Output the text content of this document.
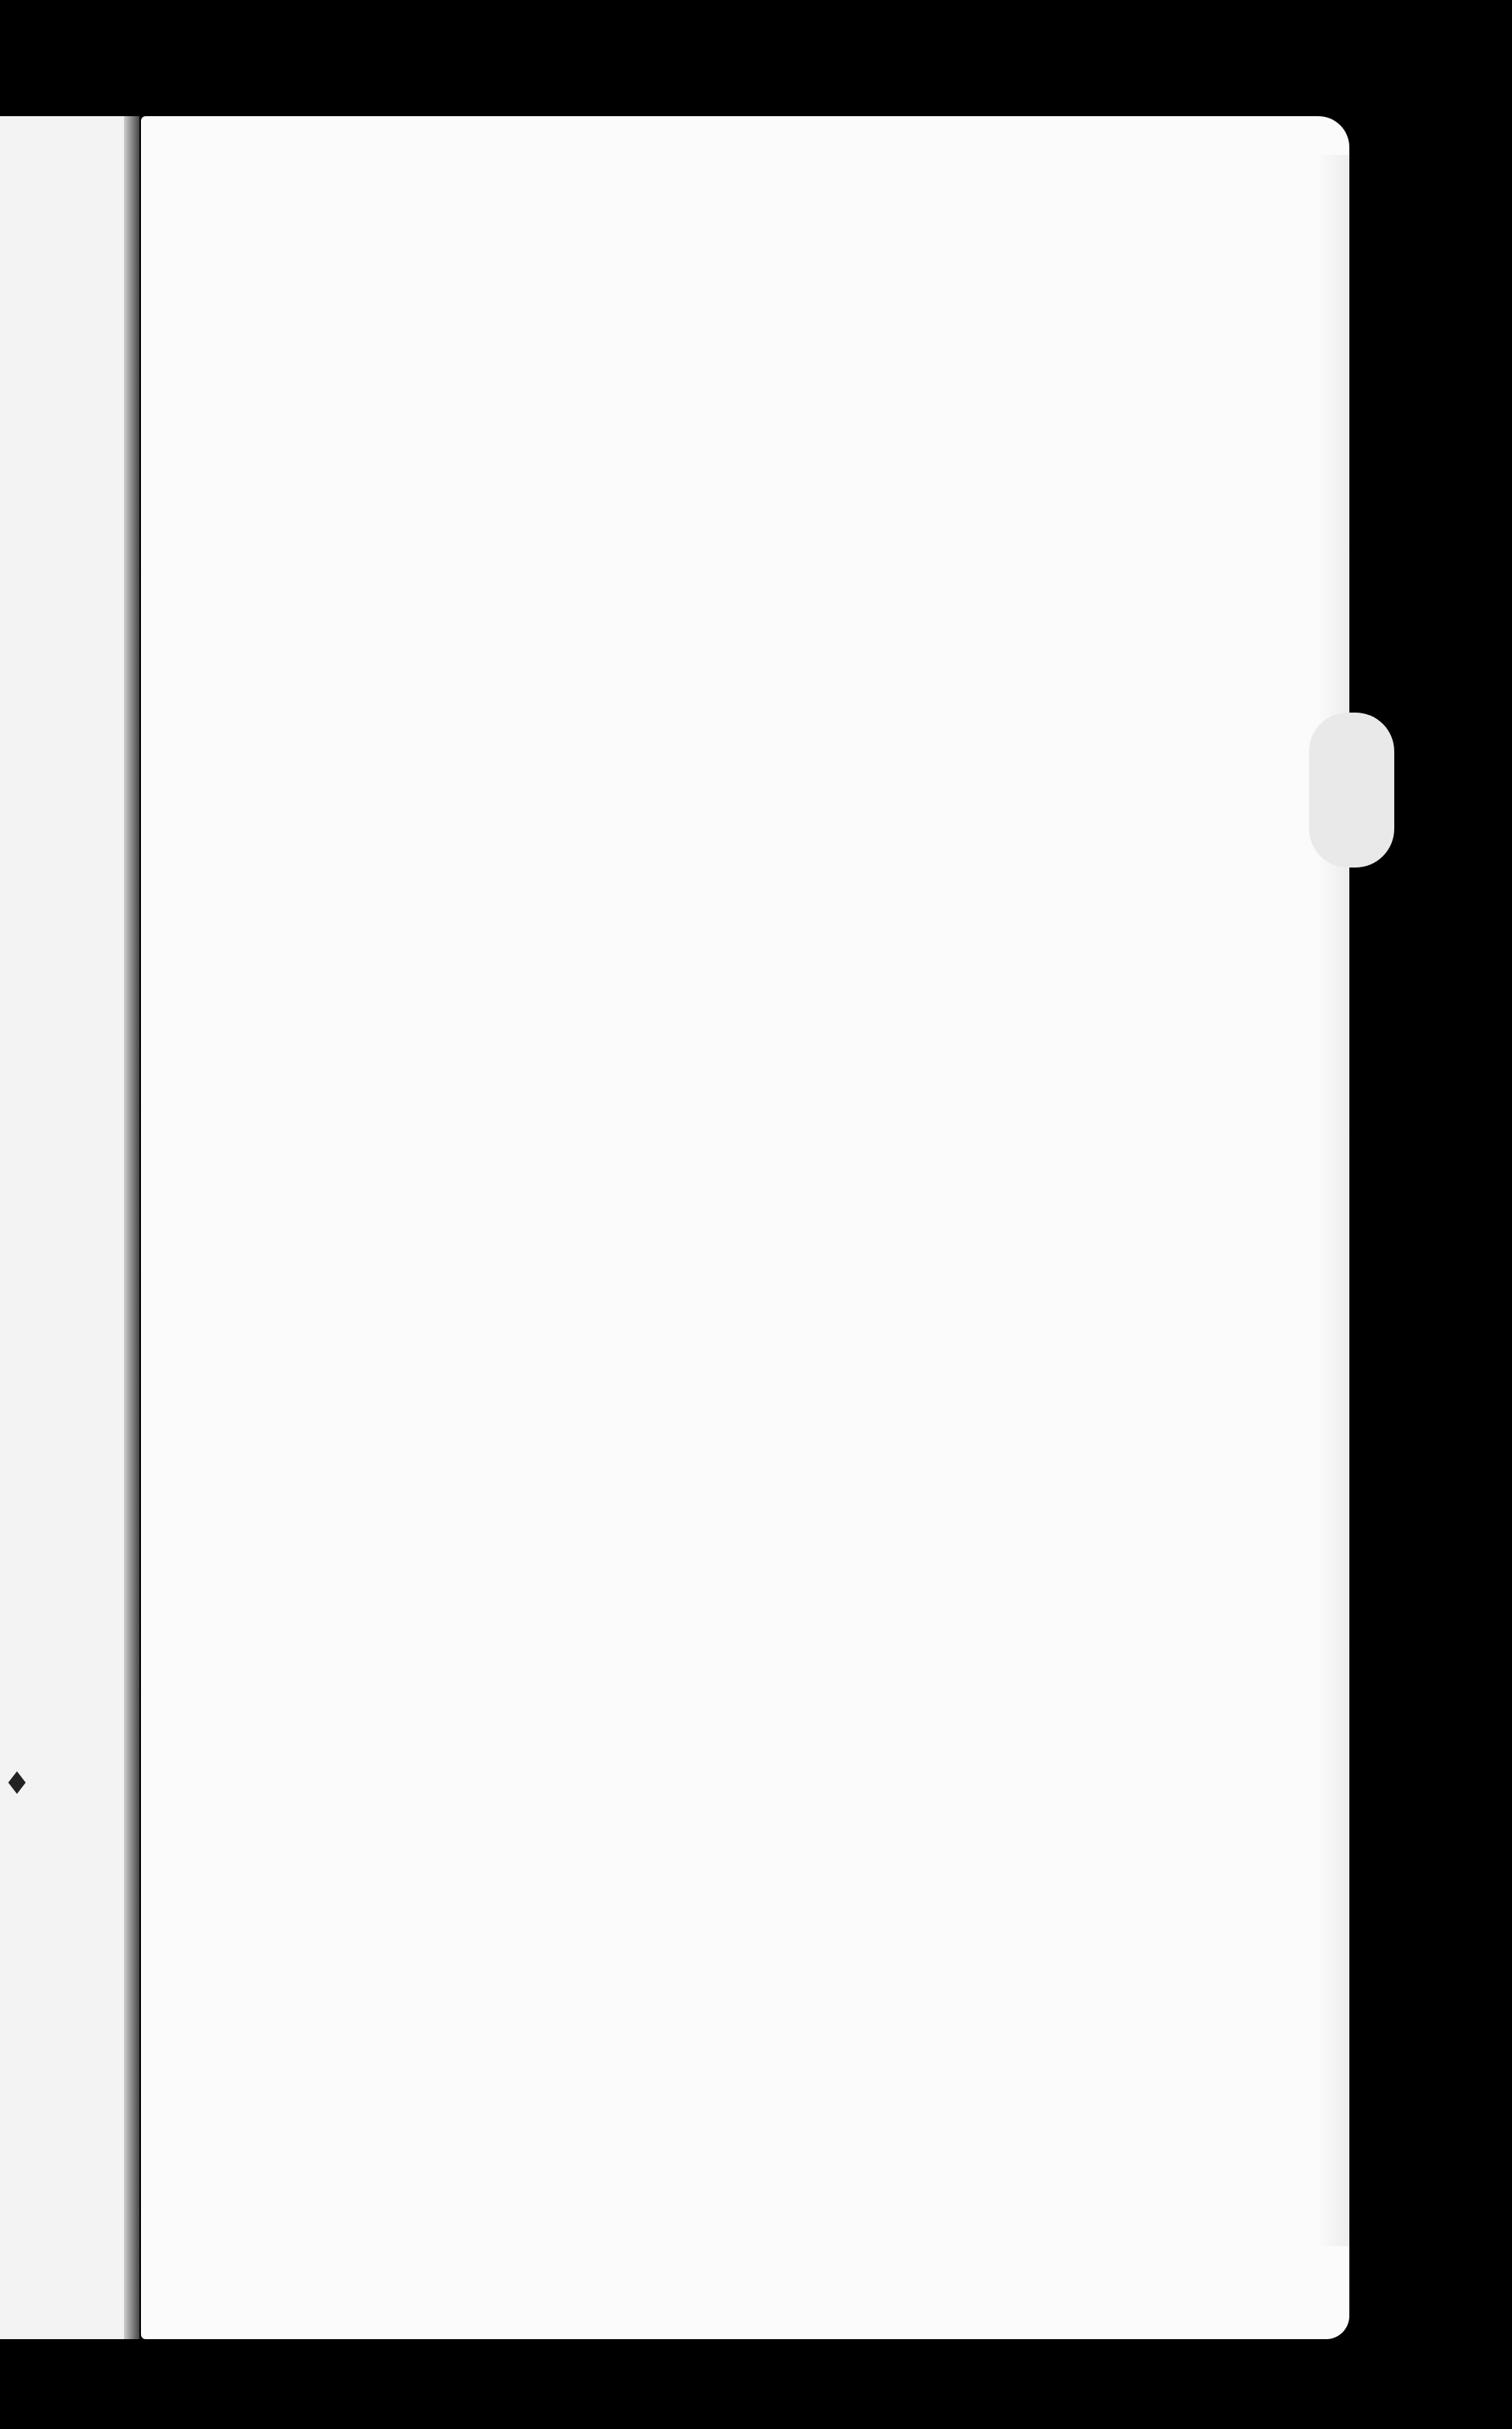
♦
